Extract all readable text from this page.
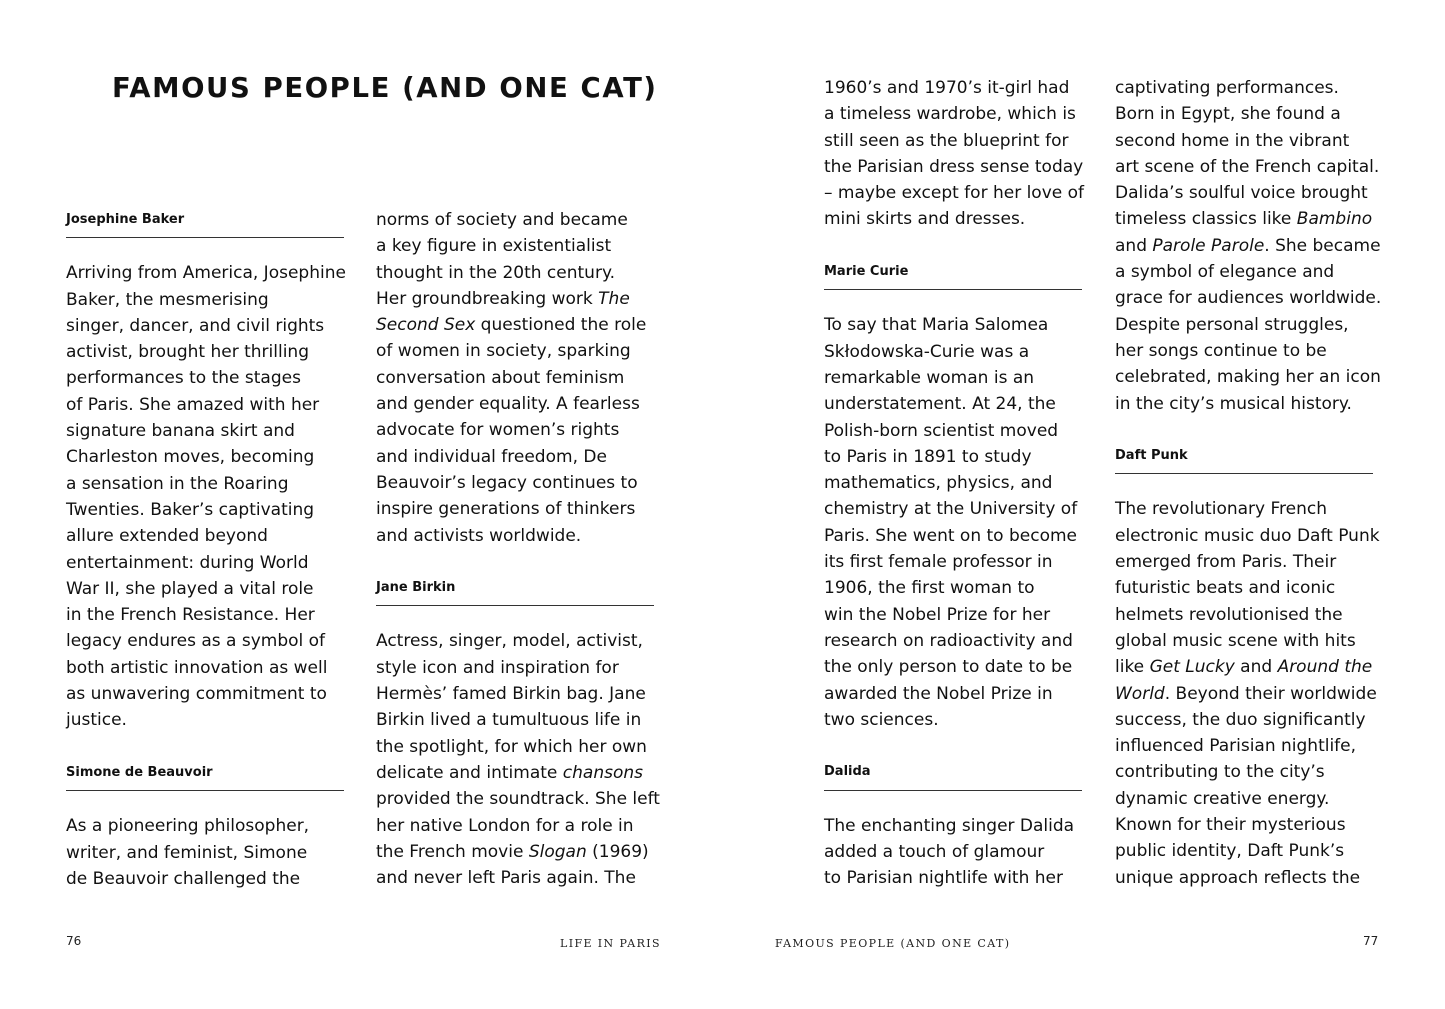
FAMOUS PEOPLE (AND ONE CAT)
Josephine Baker
Arriving from America, Josephine
Baker, the mesmerising
singer, dancer, and civil rights
activist, brought her thrilling
performances to the stages
of Paris. She amazed with her
signature banana skirt and
Charleston moves, becoming
a sensation in the Roaring
Twenties. Baker’s captivating
allure extended beyond
entertainment: during World
War II, she played a vital role
in the French Resistance. Her
legacy endures as a symbol of
both artistic innovation as well
as unwavering commitment to
justice.
Simone de Beauvoir
As a pioneering philosopher,
writer, and feminist, Simone
de Beauvoir challenged the
norms of society and became
a key figure in existentialist
thought in the 20th century.
Her groundbreaking work The
Second Sex questioned the role
of women in society, sparking
conversation about feminism
and gender equality. A fearless
advocate for women’s rights
and individual freedom, De
Beauvoir’s legacy continues to
inspire generations of thinkers
and activists worldwide.
Jane Birkin
Actress, singer, model, activist,
style icon and inspiration for
Hermès’ famed Birkin bag. Jane
Birkin lived a tumultuous life in
the spotlight, for which her own
delicate and intimate chansons
provided the soundtrack. She left
her native London for a role in
the French movie Slogan (1969)
and never left Paris again. The
1960’s and 1970’s it-girl had
a timeless wardrobe, which is
still seen as the blueprint for
the Parisian dress sense today
– maybe except for her love of
mini skirts and dresses.
Marie Curie
To say that Maria Salomea
Skłodowska-Curie was a
remarkable woman is an
understatement. At 24, the
Polish-born scientist moved
to Paris in 1891 to study
mathematics, physics, and
chemistry at the University of
Paris. She went on to become
its first female professor in
1906, the first woman to
win the Nobel Prize for her
research on radioactivity and
the only person to date to be
awarded the Nobel Prize in
two sciences.
Dalida
The enchanting singer Dalida
added a touch of glamour
to Parisian nightlife with her
captivating performances.
Born in Egypt, she found a
second home in the vibrant
art scene of the French capital.
Dalida’s soulful voice brought
timeless classics like Bambino
and Parole Parole. She became
a symbol of elegance and
grace for audiences worldwide.
Despite personal struggles,
her songs continue to be
celebrated, making her an icon
in the city’s musical history.
Daft Punk
The revolutionary French
electronic music duo Daft Punk
emerged from Paris. Their
futuristic beats and iconic
helmets revolutionised the
global music scene with hits
like Get Lucky and Around the
World. Beyond their worldwide
success, the duo significantly
influenced Parisian nightlife,
contributing to the city’s
dynamic creative energy.
Known for their mysterious
public identity, Daft Punk’s
unique approach reflects the
76	LIFE IN PARIS	FAMOUS PEOPLE (AND ONE CAT)	77
